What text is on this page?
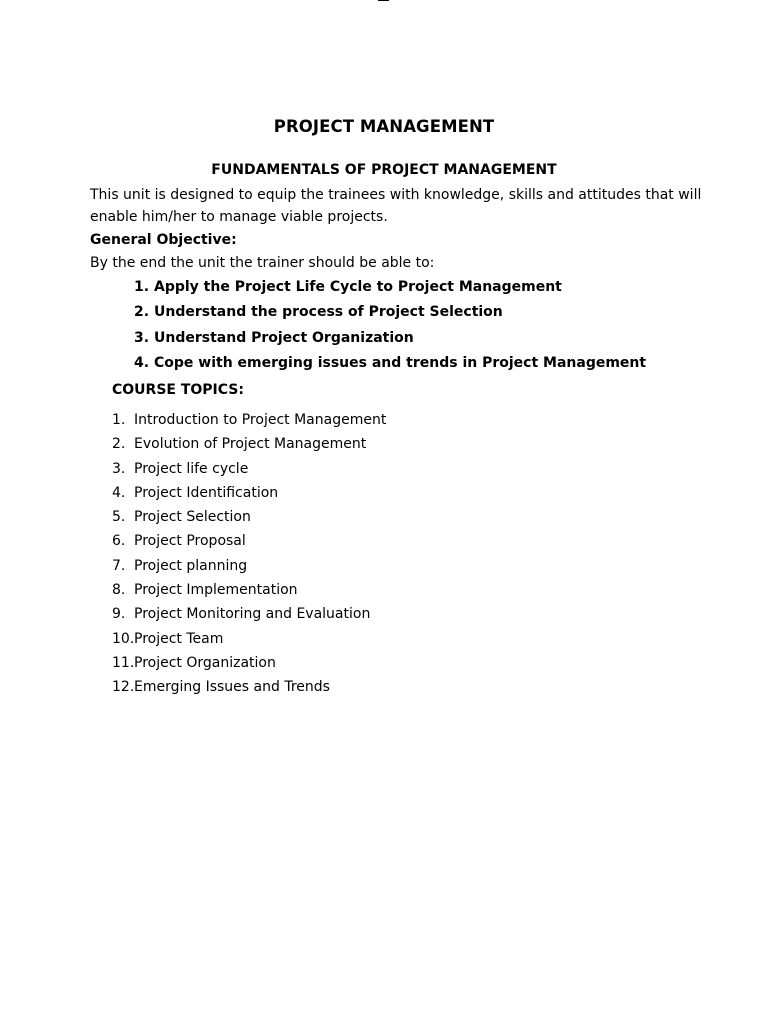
PROJECT MANAGEMENT
FUNDAMENTALS OF PROJECT MANAGEMENT
This unit is designed to equip the trainees with knowledge, skills and attitudes that will enable him/her to manage viable projects.
General Objective:
By the end the unit the trainer should be able to:
1. Apply the Project Life Cycle to Project Management
2. Understand the process of Project Selection
3. Understand Project Organization
4. Cope with emerging issues and trends in Project Management
COURSE TOPICS:
1. Introduction to Project Management
2. Evolution of Project Management
3. Project life cycle
4. Project Identification
5. Project Selection
6. Project Proposal
7. Project planning
8. Project Implementation
9. Project Monitoring and Evaluation
10.Project Team
11.Project Organization
12.Emerging Issues and Trends
